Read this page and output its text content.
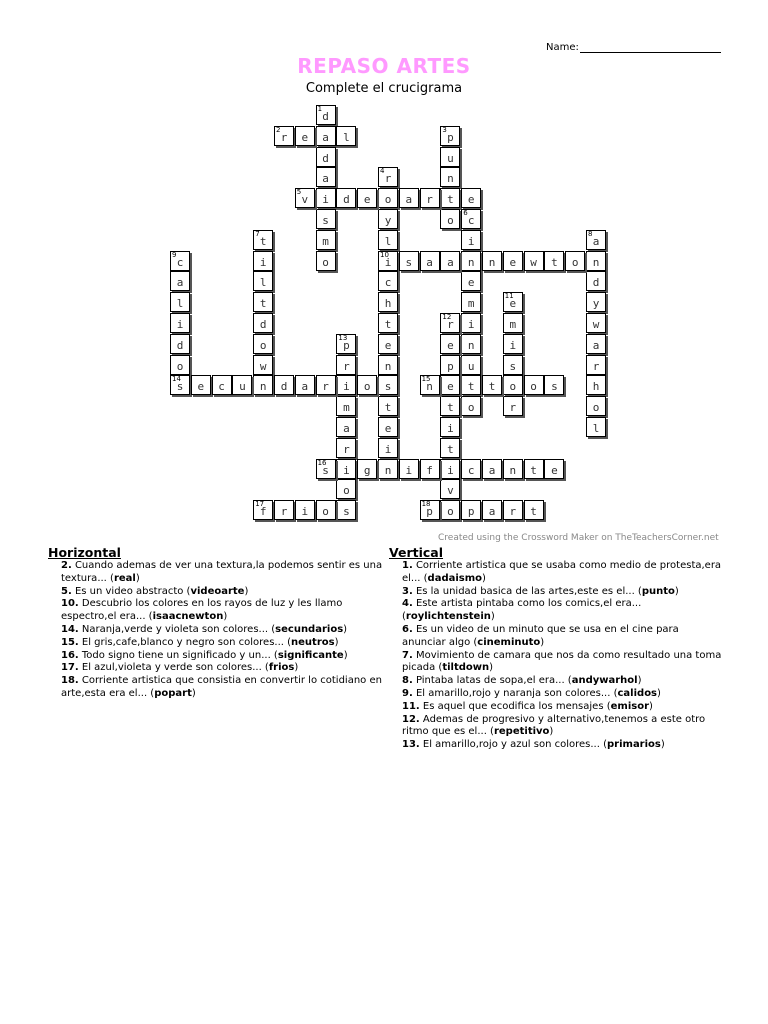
Name:
REPASO ARTES
Complete el crucigrama
d
1
a
d
a
i
s
m
o
r
2
e	l	p
3
u
n
t
o
r
4
o
y
l
i
10
c
h
t
e
n
s
t
e
i
n
v
5
d	e	a	r	e
c
6
i
n
e
m
i
n
u
t
o
t
7
i
l
t
d
o
w
n
a
8
n
d
y
w
a
r
h
o
l
c
9
a
l
i
d
o
s	a	a	n	e	w	t	o
e
11
m
i
s
o
r
r
12
e
p
e
t
i
t
i
v
o
p
13
r
i
m
a
r
i
o
s
s
14
e	c	u	d	a	r	o	n
15
t	o	s
s
16
g	i	f	c	a	n	t	e
f
17
r	i	o	p
18
p	a	r	t
Created using the Crossword Maker on TheTeachersCorner.net
Horizontal
2. Cuando ademas de ver una textura,la podemos sentir es una textura... (real)
5. Es un video abstracto (videoarte)
10. Descubrio los colores en los rayos de luz y les llamo espectro,el era... (isaacnewton)
14. Naranja,verde y violeta son colores... (secundarios)
15. El gris,cafe,blanco y negro son colores... (neutros)
16. Todo signo tiene un significado y un... (significante)
17. El azul,violeta y verde son colores... (frios)
18. Corriente artistica que consistia en convertir lo cotidiano en arte,esta era el... (popart)
Vertical
1. Corriente artistica que se usaba como medio de protesta,era el... (dadaismo)
3. Es la unidad basica de las artes,este es el... (punto)
4. Este artista pintaba como los comics,el era... (roylichtenstein)
6. Es un video de un minuto que se usa en el cine para anunciar algo (cineminuto)
7. Movimiento de camara que nos da como resultado una toma picada (tiltdown)
8. Pintaba latas de sopa,el era... (andywarhol)
9. El amarillo,rojo y naranja son colores... (calidos)
11. Es aquel que ecodifica los mensajes (emisor)
12. Ademas de progresivo y alternativo,tenemos a este otro ritmo que es el... (repetitivo)
13. El amarillo,rojo y azul son colores... (primarios)
